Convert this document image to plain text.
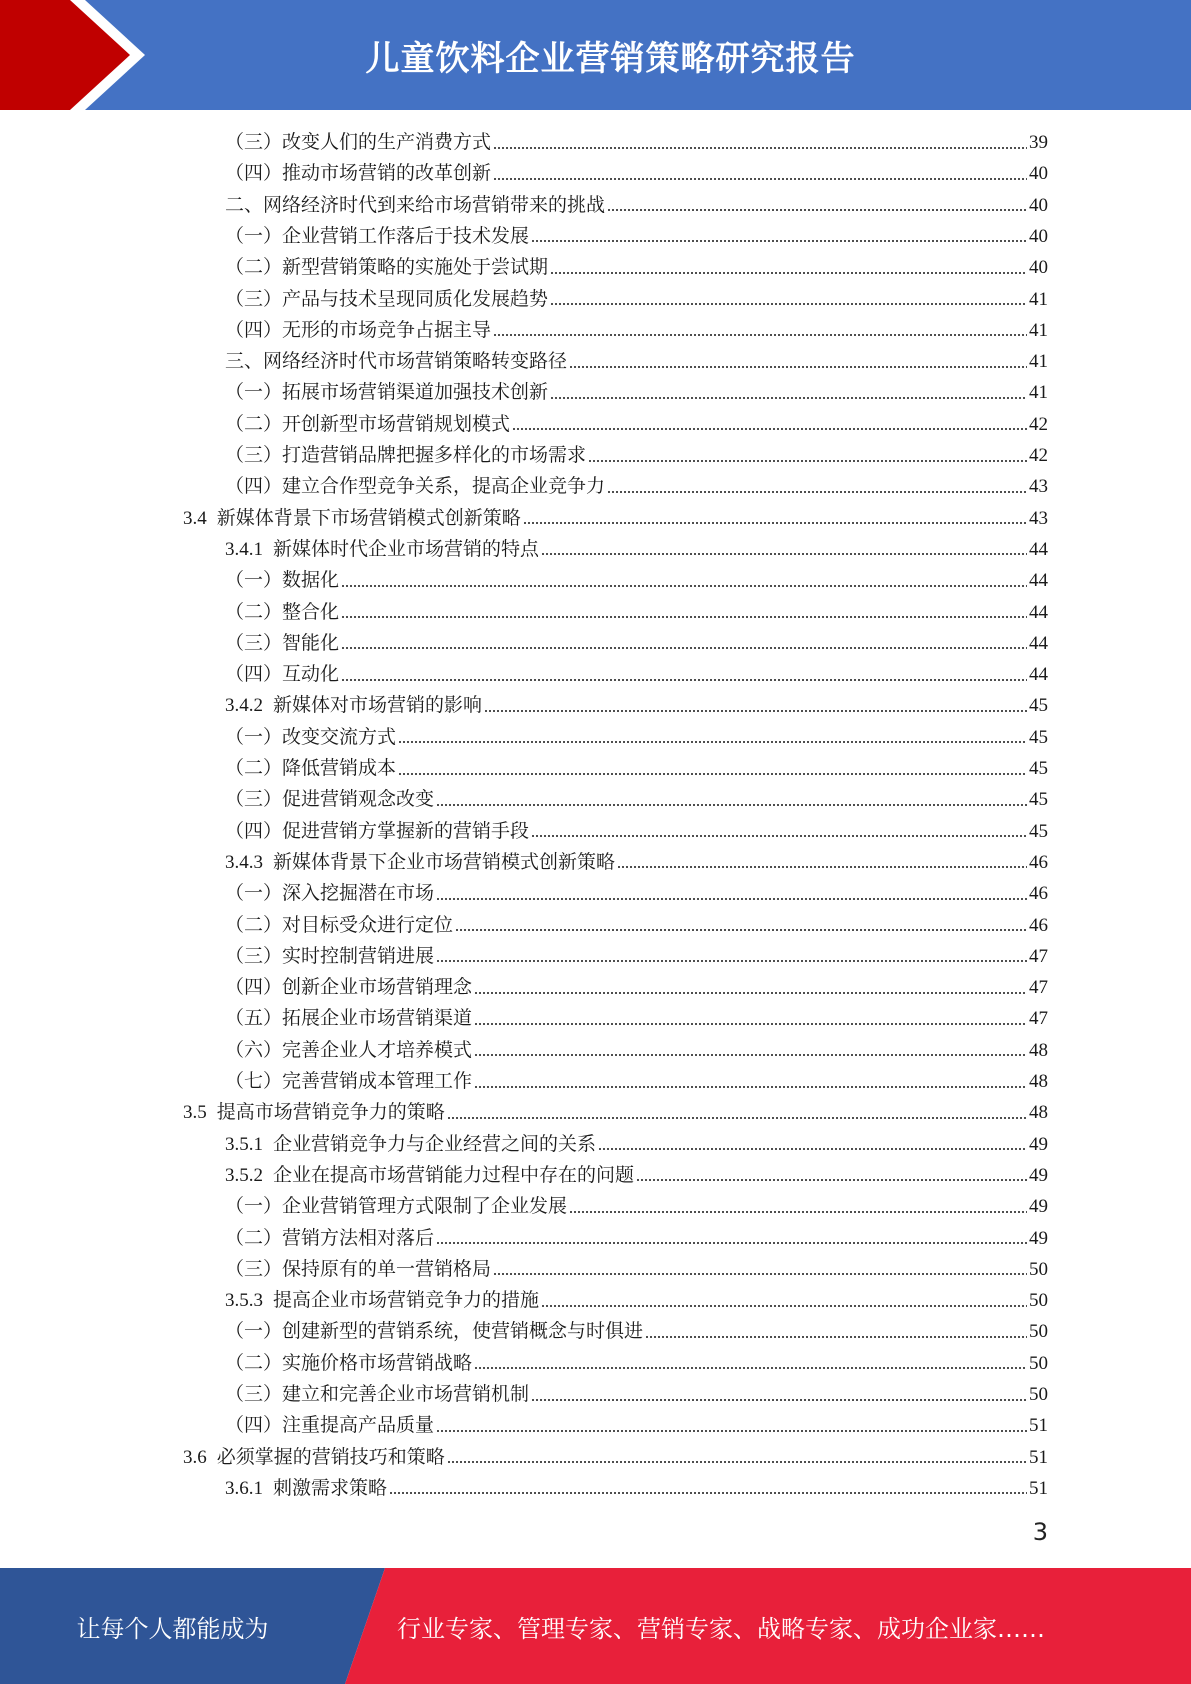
儿童饮料企业营销策略研究报告
（三）改变人们的生产消费方式	39
（四）推动市场营销的改革创新	40
二、网络经济时代到来给市场营销带来的挑战	40
（一）企业营销工作落后于技术发展	40
（二）新型营销策略的实施处于尝试期	40
（三）产品与技术呈现同质化发展趋势	41
（四）无形的市场竞争占据主导	41
三、网络经济时代市场营销策略转变路径	41
（一）拓展市场营销渠道加强技术创新	41
（二）开创新型市场营销规划模式	42
（三）打造营销品牌把握多样化的市场需求	42
（四）建立合作型竞争关系，提高企业竞争力	43
3.4 新媒体背景下市场营销模式创新策略	43
3.4.1 新媒体时代企业市场营销的特点	44
（一）数据化	44
（二）整合化	44
（三）智能化	44
（四）互动化	44
3.4.2 新媒体对市场营销的影响	45
（一）改变交流方式	45
（二）降低营销成本	45
（三）促进营销观念改变	45
（四）促进营销方掌握新的营销手段	45
3.4.3 新媒体背景下企业市场营销模式创新策略	46
（一）深入挖掘潜在市场	46
（二）对目标受众进行定位	46
（三）实时控制营销进展	47
（四）创新企业市场营销理念	47
（五）拓展企业市场营销渠道	47
（六）完善企业人才培养模式	48
（七）完善营销成本管理工作	48
3.5 提高市场营销竞争力的策略	48
3.5.1 企业营销竞争力与企业经营之间的关系	49
3.5.2 企业在提高市场营销能力过程中存在的问题	49
（一）企业营销管理方式限制了企业发展	49
（二）营销方法相对落后	49
（三）保持原有的单一营销格局	50
3.5.3 提高企业市场营销竞争力的措施	50
（一）创建新型的营销系统，使营销概念与时俱进	50
（二）实施价格市场营销战略	50
（三）建立和完善企业市场营销机制	50
（四）注重提高产品质量	51
3.6 必须掌握的营销技巧和策略	51
3.6.1 刺激需求策略	51
3
让每个人都能成为	行业专家、管理专家、营销专家、战略专家、成功企业家……
